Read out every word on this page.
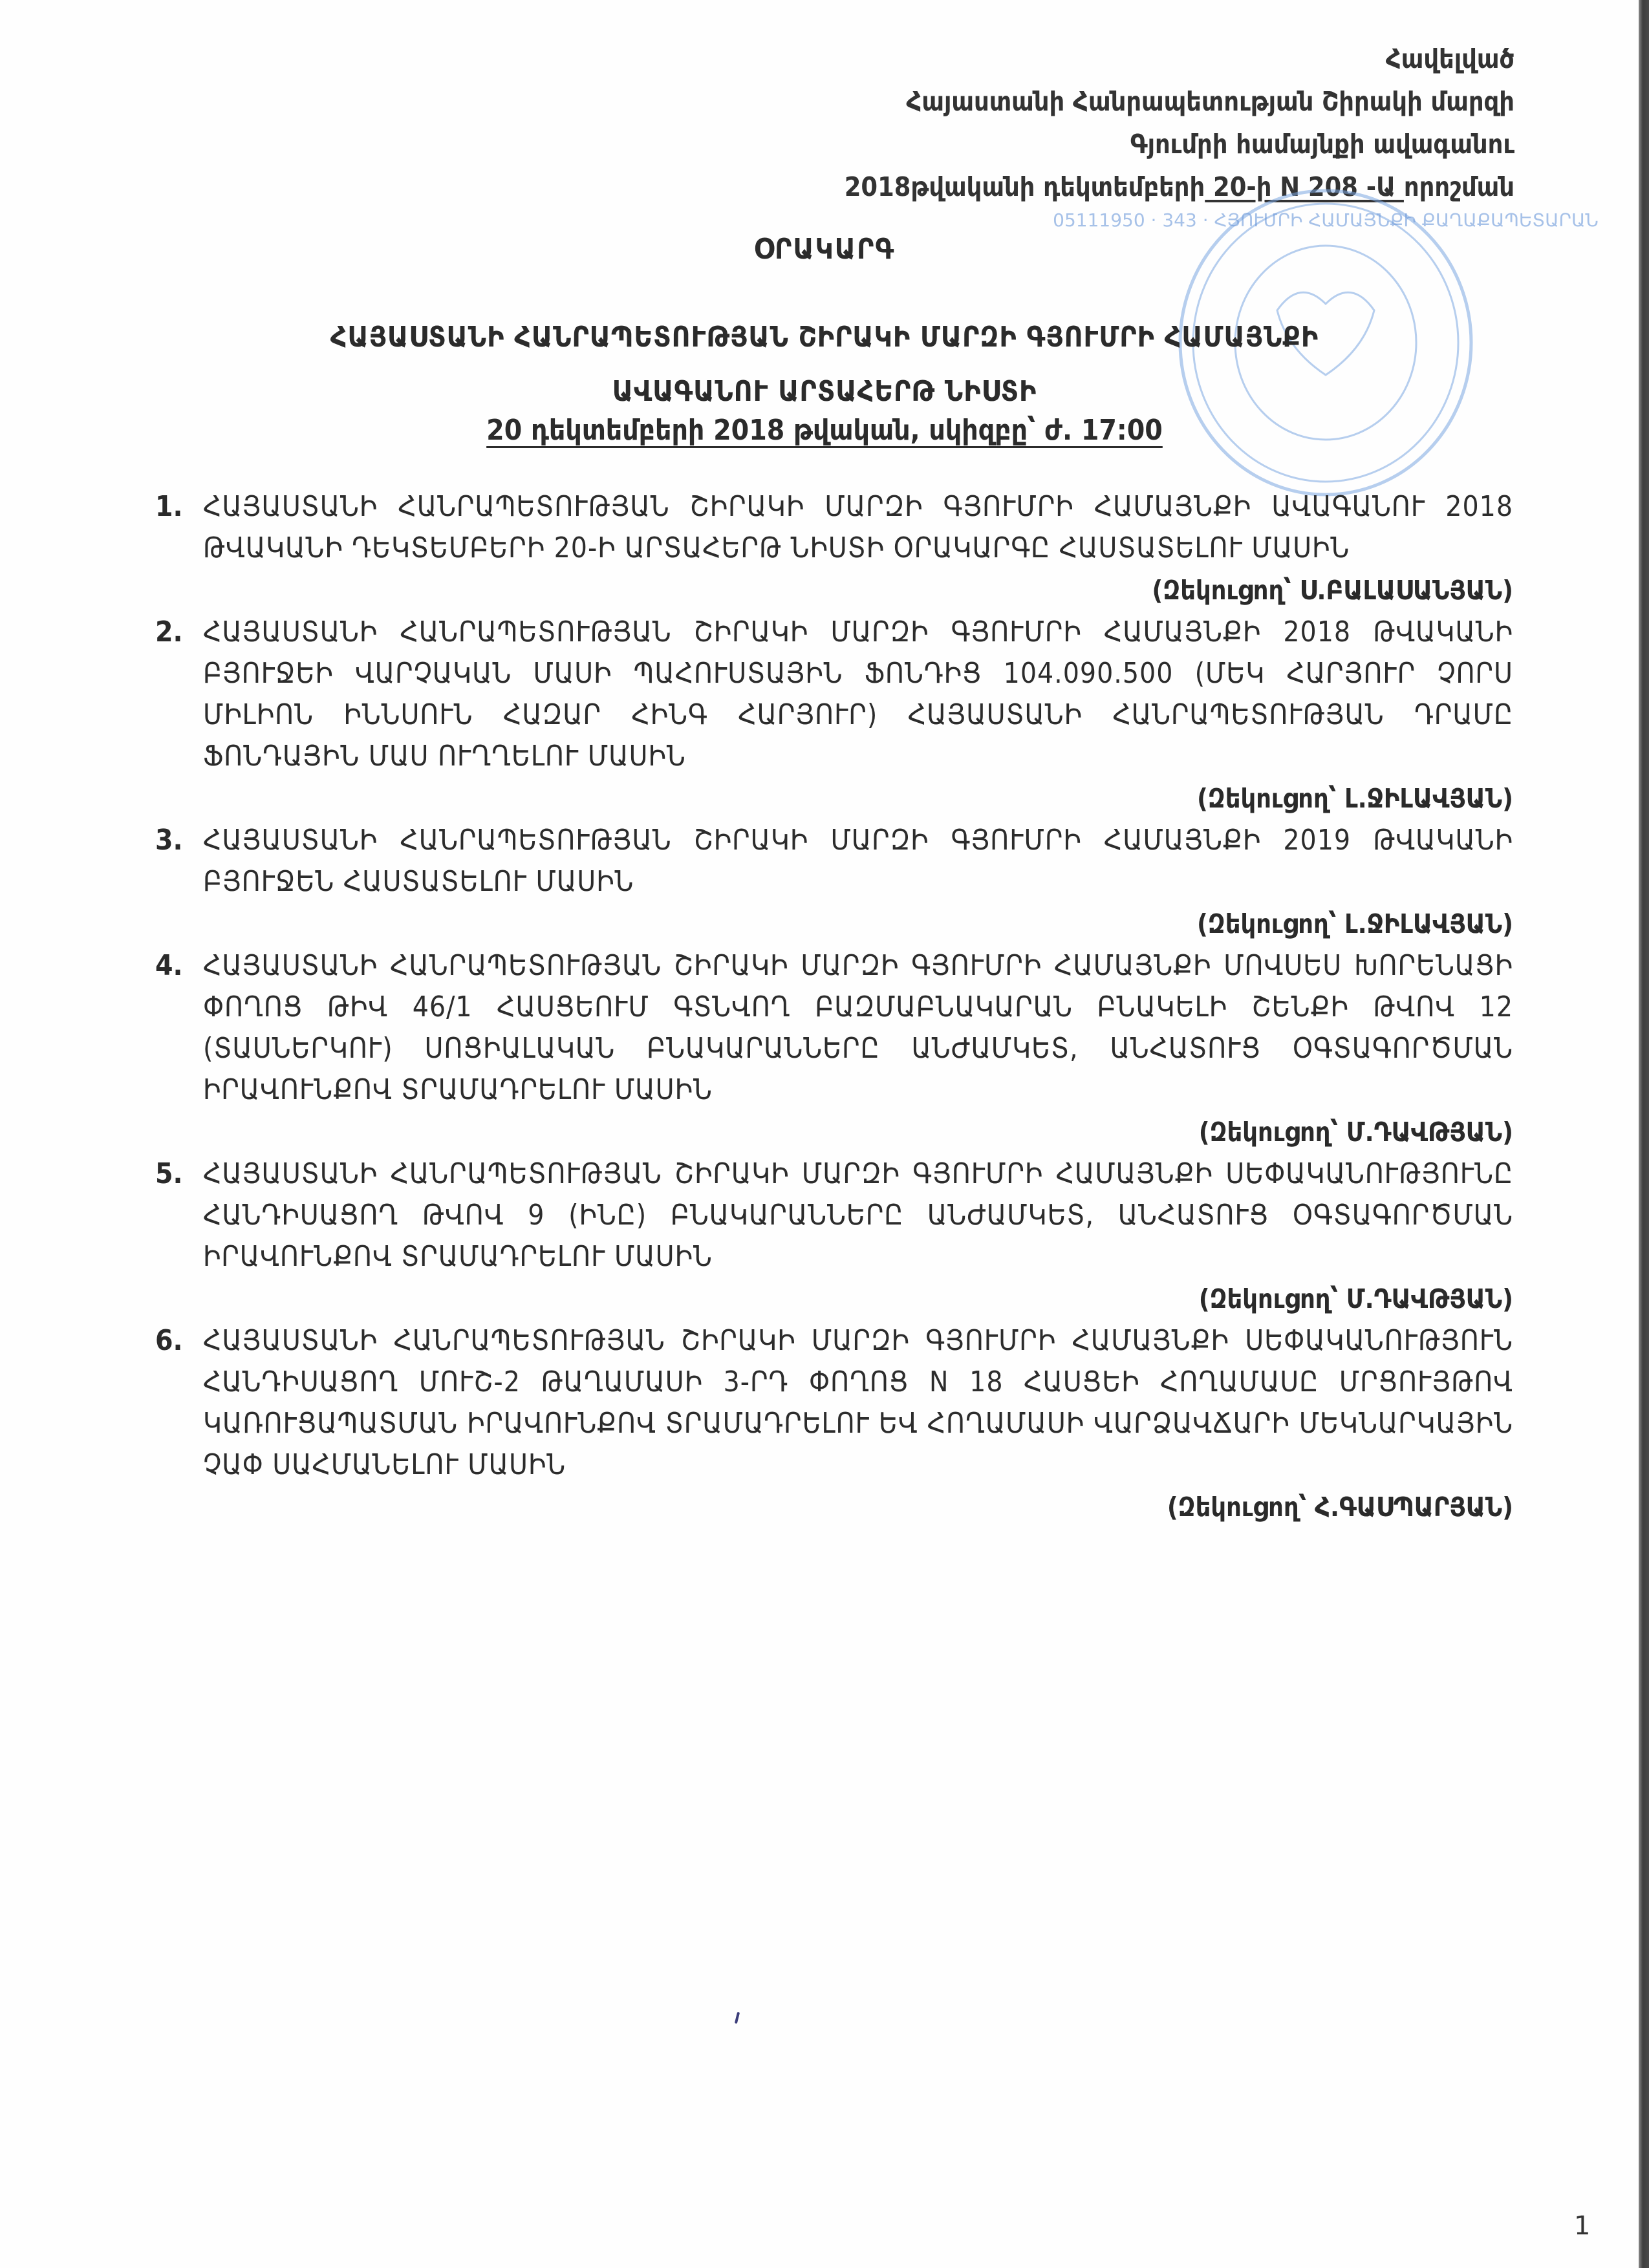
Հավելված
Հայաստանի Հանրապետության Շիրակի մարզի
Գյումրի համայնքի ավագանու
2018թվականի դեկտեմբերի 20-ի N 208 -Ա որոշման
05111950 · 343 · ՀՅՈՒՄՐԻ ՀԱՄԱՅՆՔԻ ՔԱՂԱՔԱՊԵՏԱՐԱՆ
ՕՐԱԿԱՐԳ
ՀԱՅԱՍՏԱՆԻ ՀԱՆՐԱՊԵՏՈՒԹՅԱՆ ՇԻՐԱԿԻ ՄԱՐԶԻ ԳՅՈՒՄՐԻ ՀԱՄԱՅՆՔԻ
ԱՎԱԳԱՆՈՒ ԱՐՏԱՀԵՐԹ ՆԻՍՏԻ
20 դեկտեմբերի 2018 թվական, սկիզբը՝ ժ. 17:00
1. ՀԱՅԱՍՏԱՆԻ ՀԱՆՐԱՊԵՏՈՒԹՅԱՆ ՇԻՐԱԿԻ ՄԱՐԶԻ ԳՅՈՒՄՐԻ ՀԱՄԱՅՆՔԻ ԱՎԱԳԱՆՈՒ 2018 ԹՎԱԿԱՆԻ ԴԵԿՏԵՄԲԵՐԻ 20-Ի ԱՐՏԱՀԵՐԹ ՆԻՍՏԻ ՕՐԱԿԱՐԳԸ ՀԱՍՏԱՏԵԼՈՒ ՄԱՍԻՆ
(Զեկուցող՝ Ս.ԲԱԼԱՍԱՆՅԱՆ)
2. ՀԱՅԱՍՏԱՆԻ ՀԱՆՐԱՊԵՏՈՒԹՅԱՆ ՇԻՐԱԿԻ ՄԱՐԶԻ ԳՅՈՒՄՐԻ ՀԱՄԱՅՆՔԻ 2018 ԹՎԱԿԱՆԻ ԲՅՈՒՋԵԻ ՎԱՐՉԱԿԱՆ ՄԱՍԻ ՊԱՀՈՒՍՏԱՅԻՆ ՖՈՆԴԻՑ 104.090.500 (ՄԵԿ ՀԱՐՅՈՒՐ ՉՈՐՍ ՄԻԼԻՈՆ ԻՆՆՍՈՒՆ ՀԱԶԱՐ ՀԻՆԳ ՀԱՐՅՈՒՐ) ՀԱՅԱՍՏԱՆԻ ՀԱՆՐԱՊԵՏՈՒԹՅԱՆ ԴՐԱՄԸ ՖՈՆԴԱՅԻՆ ՄԱՍ ՈՒՂՂԵԼՈՒ ՄԱՍԻՆ
(Զեկուցող՝ Լ.ՋԻԼԱՎՅԱՆ)
3. ՀԱՅԱՍՏԱՆԻ ՀԱՆՐԱՊԵՏՈՒԹՅԱՆ ՇԻՐԱԿԻ ՄԱՐԶԻ ԳՅՈՒՄՐԻ ՀԱՄԱՅՆՔԻ 2019 ԹՎԱԿԱՆԻ ԲՅՈՒՋԵՆ ՀԱՍՏԱՏԵԼՈՒ ՄԱՍԻՆ
(Զեկուցող՝ Լ.ՋԻԼԱՎՅԱՆ)
4. ՀԱՅԱՍՏԱՆԻ ՀԱՆՐԱՊԵՏՈՒԹՅԱՆ ՇԻՐԱԿԻ ՄԱՐԶԻ ԳՅՈՒՄՐԻ ՀԱՄԱՅՆՔԻ ՄՈՎՍԵՍ ԽՈՐԵՆԱՑԻ ՓՈՂՈՑ ԹԻՎ 46/1 ՀԱՍՑԵՈՒՄ ԳՏՆՎՈՂ ԲԱԶՄԱԲՆԱԿԱՐԱՆ ԲՆԱԿԵԼԻ ՇԵՆՔԻ ԹՎՈՎ 12 (ՏԱՍՆԵՐԿՈՒ) ՍՈՑԻԱԼԱԿԱՆ ԲՆԱԿԱՐԱՆՆԵՐԸ ԱՆԺԱՄԿԵՏ, ԱՆՀԱՏՈՒՑ ՕԳՏԱԳՈՐԾՄԱՆ ԻՐԱՎՈՒՆՔՈՎ ՏՐԱՄԱԴՐԵԼՈՒ ՄԱՍԻՆ
(Զեկուցող՝ Մ.ԴԱՎԹՅԱՆ)
5. ՀԱՅԱՍՏԱՆԻ ՀԱՆՐԱՊԵՏՈՒԹՅԱՆ ՇԻՐԱԿԻ ՄԱՐԶԻ ԳՅՈՒՄՐԻ ՀԱՄԱՅՆՔԻ ՍԵՓԱԿԱՆՈՒԹՅՈՒՆԸ ՀԱՆԴԻՍԱՑՈՂ ԹՎՈՎ 9 (ԻՆԸ) ԲՆԱԿԱՐԱՆՆԵՐԸ ԱՆԺԱՄԿԵՏ, ԱՆՀԱՏՈՒՑ ՕԳՏԱԳՈՐԾՄԱՆ ԻՐԱՎՈՒՆՔՈՎ ՏՐԱՄԱԴՐԵԼՈՒ ՄԱՍԻՆ
(Զեկուցող՝ Մ.ԴԱՎԹՅԱՆ)
6. ՀԱՅԱՍՏԱՆԻ ՀԱՆՐԱՊԵՏՈՒԹՅԱՆ ՇԻՐԱԿԻ ՄԱՐԶԻ ԳՅՈՒՄՐԻ ՀԱՄԱՅՆՔԻ ՍԵՓԱԿԱՆՈՒԹՅՈՒՆ ՀԱՆԴԻՍԱՑՈՂ ՄՈՒՇ-2 ԹԱՂԱՄԱՍԻ 3-ՐԴ ՓՈՂՈՑ N 18 ՀԱՍՑԵԻ ՀՈՂԱՄԱՍԸ ՄՐՑՈՒՅԹՈՎ ԿԱՌՈՒՑԱՊԱՏՄԱՆ ԻՐԱՎՈՒՆՔՈՎ ՏՐԱՄԱԴՐԵԼՈՒ ԵՎ ՀՈՂԱՄԱՍԻ ՎԱՐՁԱՎՃԱՐԻ ՄԵԿՆԱՐԿԱՅԻՆ ՉԱՓ ՍԱՀՄԱՆԵԼՈՒ ՄԱՍԻՆ
(Զեկուցող՝ Հ.ԳԱՍՊԱՐՅԱՆ)
1
